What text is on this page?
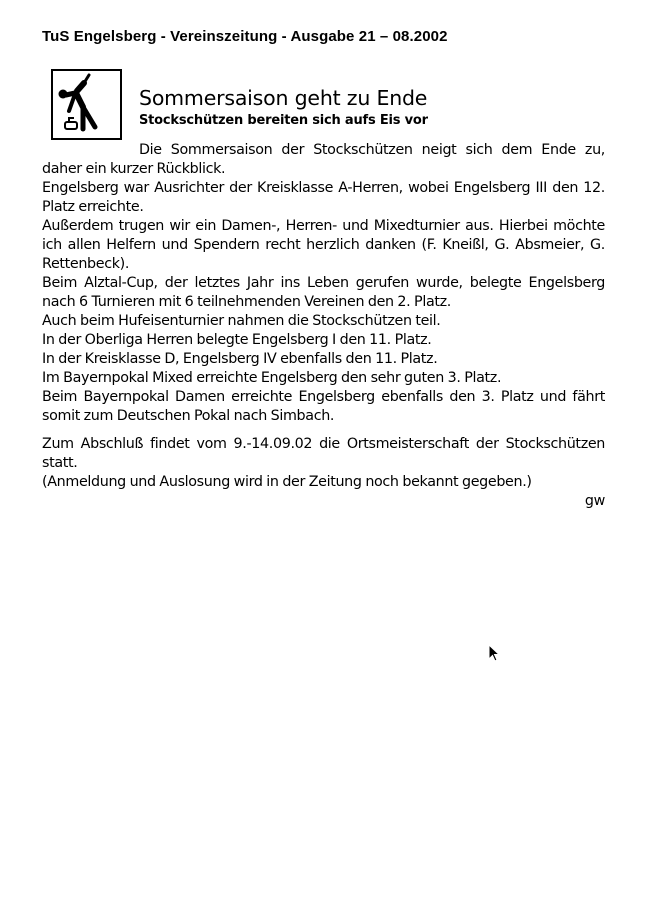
TuS Engelsberg - Vereinszeitung - Ausgabe 21 – 08.2002
Sommersaison geht zu Ende
Stockschützen bereiten sich aufs Eis vor

Die Sommersaison der Stockschützen neigt sich dem Ende zu, daher ein kurzer Rückblick.

Engelsberg war Ausrichter der Kreisklasse A-Herren, wobei Engelsberg III den 12. Platz erreichte.

Außerdem trugen wir ein Damen-, Herren- und Mixedturnier aus. Hierbei möchte ich allen Helfern und Spendern recht herzlich danken (F. Kneißl, G. Absmeier, G. Rettenbeck).

Beim Alztal-Cup, der letztes Jahr ins Leben gerufen wurde, belegte Engelsberg nach 6 Turnieren mit 6 teilnehmenden Vereinen den 2. Platz.

Auch beim Hufeisenturnier nahmen die Stockschützen teil.

In der Oberliga Herren belegte Engelsberg I den 11. Platz.

In der Kreisklasse D, Engelsberg IV ebenfalls den 11. Platz.

Im Bayernpokal Mixed erreichte Engelsberg den sehr guten 3. Platz.

Beim Bayernpokal Damen erreichte Engelsberg ebenfalls den 3. Platz und fährt somit zum Deutschen Pokal nach Simbach.

Zum Abschluß findet vom 9.-14.09.02 die Ortsmeisterschaft der Stockschützen statt.

(Anmeldung und Auslosung wird in der Zeitung noch bekannt gegeben.)

gw
